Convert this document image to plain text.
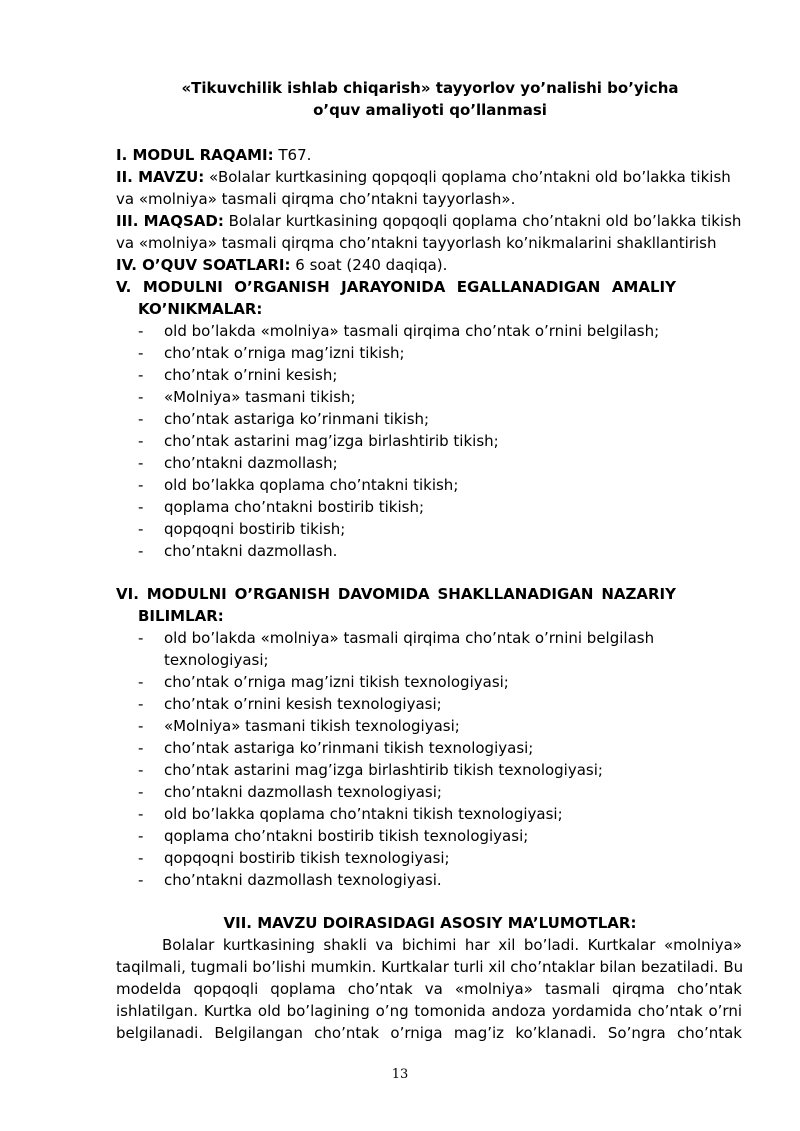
«Tikuvchilik ishlab chiqarish» tayyorlov yo’nalishi bo’yicha
o’quv amaliyoti qo’llanmasi
I. MODUL RAQAMI: T67.
II. MAVZU: «Bolalar kurtkasining qopqoqli qoplama cho’ntakni old bo’lakka tikish
va «molniya» tasmali qirqma cho’ntakni tayyorlash».
III. MAQSAD: Bolalar kurtkasining qopqoqli qoplama cho’ntakni old bo’lakka tikish
va «molniya» tasmali qirqma cho’ntakni tayyorlash ko’nikmalarini shakllantirish
IV. O’QUV SOATLARI: 6 soat (240 daqiqa).
V. MODULNI O’RGANISH JARAYONIDA EGALLANADIGAN AMALIY
KO’NIKMALAR:
- old bo’lakda «molniya» tasmali qirqima cho’ntak o’rnini belgilash;
- cho’ntak o’rniga mag’izni tikish;
- cho’ntak o’rnini kesish;
- «Molniya» tasmani tikish;
- cho’ntak astariga ko’rinmani tikish;
- cho’ntak astarini mag’izga birlashtirib tikish;
- cho’ntakni dazmollash;
- old bo’lakka qoplama cho’ntakni tikish;
- qoplama cho’ntakni bostirib tikish;
- qopqoqni bostirib tikish;
- cho’ntakni dazmollash.
VI. MODULNI O’RGANISH DAVOMIDA SHAKLLANADIGAN NAZARIY
BILIMLAR:
- old bo’lakda «molniya» tasmali qirqima cho’ntak o’rnini belgilash
texnologiyasi;
- cho’ntak o’rniga mag’izni tikish texnologiyasi;
- cho’ntak o’rnini kesish texnologiyasi;
- «Molniya» tasmani tikish texnologiyasi;
- cho’ntak astariga ko’rinmani tikish texnologiyasi;
- cho’ntak astarini mag’izga birlashtirib tikish texnologiyasi;
- cho’ntakni dazmollash texnologiyasi;
- old bo’lakka qoplama cho’ntakni tikish texnologiyasi;
- qoplama cho’ntakni bostirib tikish texnologiyasi;
- qopqoqni bostirib tikish texnologiyasi;
- cho’ntakni dazmollash texnologiyasi.
VII. MAVZU DOIRASIDAGI ASOSIY MA’LUMOTLAR:
Bolalar kurtkasining shakli va bichimi har xil bo’ladi. Kurtkalar «molniya»
taqilmali, tugmali bo’lishi mumkin. Kurtkalar turli xil cho’ntaklar bilan bezatiladi. Bu
modelda qopqoqli qoplama cho’ntak va «molniya» tasmali qirqma cho’ntak
ishlatilgan. Kurtka old bo’lagining o’ng tomonida andoza yordamida cho’ntak o’rni
belgilanadi. Belgilangan cho’ntak o’rniga mag’iz ko’klanadi. So’ngra cho’ntak
13
